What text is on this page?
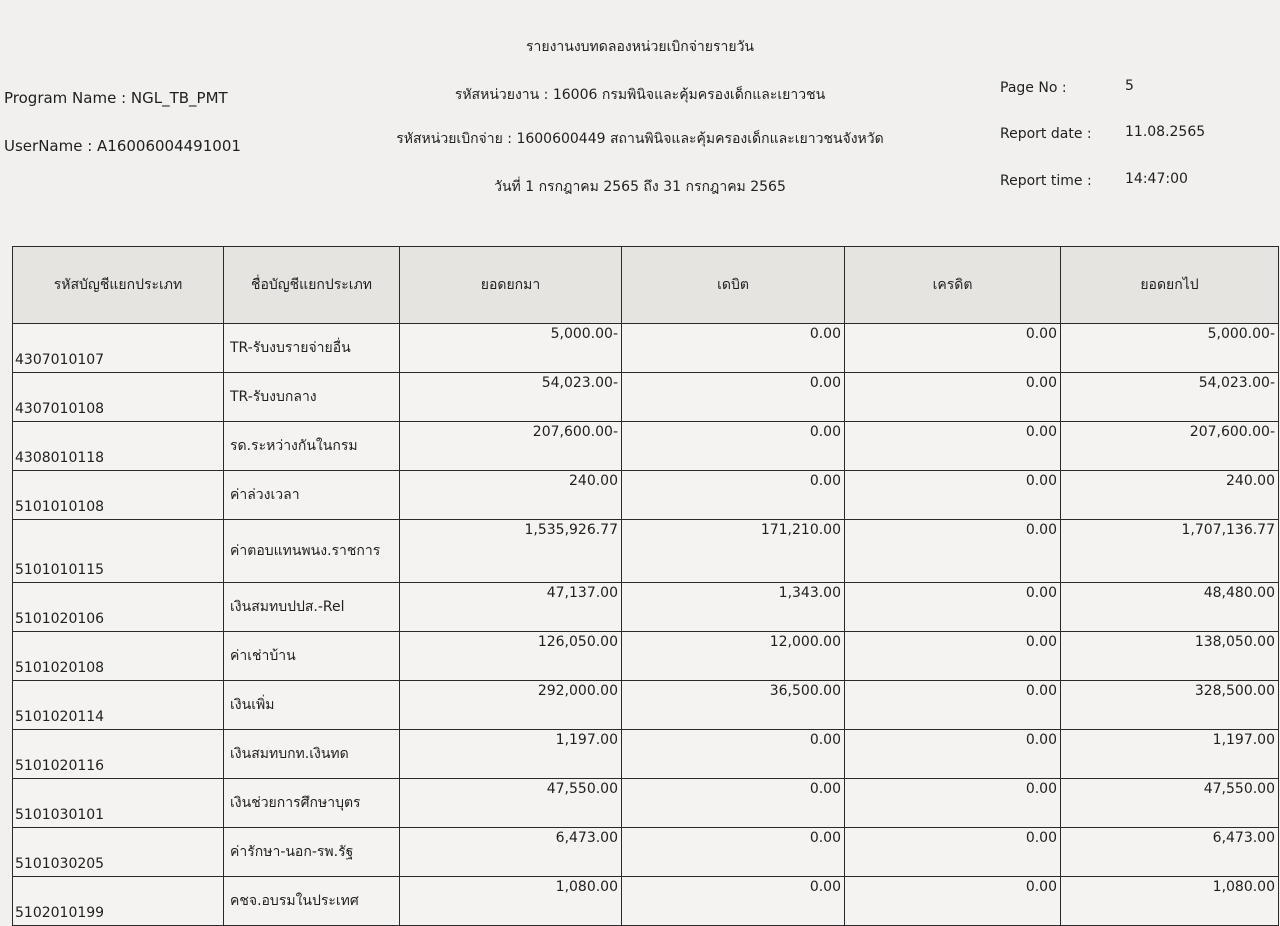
รายงานงบทดลองหน่วยเบิกจ่ายรายวัน
รหัสหน่วยงาน : 16006 กรมพินิจและคุ้มครองเด็กและเยาวชน
รหัสหน่วยเบิกจ่าย : 1600600449 สถานพินิจและคุ้มครองเด็กและเยาวชนจังหวัด
วันที่ 1 กรกฎาคม 2565 ถึง 31 กรกฎาคม 2565
Program Name : NGL_TB_PMT
UserName : A16006004491001
Page No :	5
Report date : 11.08.2565
Report time : 14:47:00
รหัสบัญชีแยกประเภท	ชื่อบัญชีแยกประเภท	ยอดยกมา	เดบิต	เครดิต	ยอดยกไป
4307010107	TR-รับงบรายจ่ายอื่น	5,000.00-	0.00	0.00	5,000.00-
4307010108	TR-รับงบกลาง	54,023.00-	0.00	0.00	54,023.00-
4308010118	รด.ระหว่างกันในกรม	207,600.00-	0.00	0.00	207,600.00-
5101010108	ค่าล่วงเวลา	240.00	0.00	0.00	240.00
5101010115	ค่าตอบแทนพนง.ราชการ	1,535,926.77	171,210.00	0.00	1,707,136.77
5101020106	เงินสมทบปปส.-Rel	47,137.00	1,343.00	0.00	48,480.00
5101020108	ค่าเช่าบ้าน	126,050.00	12,000.00	0.00	138,050.00
5101020114	เงินเพิ่ม	292,000.00	36,500.00	0.00	328,500.00
5101020116	เงินสมทบกท.เงินทด	1,197.00	0.00	0.00	1,197.00
5101030101	เงินช่วยการศึกษาบุตร	47,550.00	0.00	0.00	47,550.00
5101030205	ค่ารักษา-นอก-รพ.รัฐ	6,473.00	0.00	0.00	6,473.00
5102010199	คชจ.อบรมในประเทศ	1,080.00	0.00	0.00	1,080.00
